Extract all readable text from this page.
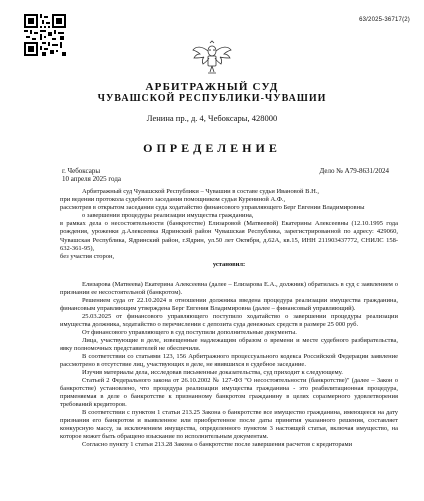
63/2025-36717(2)
АРБИТРАЖНЫЙ СУД
ЧУВАШСКОЙ РЕСПУБЛИКИ-ЧУВАШИИ
Ленина пр., д. 4, Чебоксары, 428000
ОПРЕДЕЛЕНИЕ
г. Чебоксары
10 апреля 2025 года
Дело № А79-8631/2024

Арбитражный суд Чувашской Республики – Чувашии в составе судьи Ивановой В.Н.,

при ведении протокола судебного заседания помощником судьи Курениной А.Ф.,

рассмотрев в открытом заседании суда ходатайство финансового управляющего Берг Евгении Владимировны

о завершении процедуры реализации имущества гражданина,

в рамках дела о несостоятельности (банкротстве) Елизаровой (Матвеевой) Екатерины Алексеевны (12.10.1995 года рождения, уроженки д.Алексеевка Ядринский район Чувашская Республика, зарегистрированной по адресу: 429060, Чувашская Республика, Ядринский район, г.Ядрин, ул.50 лет Октября, д.62А, кв.15, ИНН 211903437772, СНИЛС 158-632-361-95),

без участия сторон,

установил:

Елизарова (Матвеева) Екатерина Алексеевна (далее – Елизарова Е.А., должник) обратилась в суд с заявлением о признании ее несостоятельной (банкротом).

Решением суда от 22.10.2024 в отношении должника введена процедура реализации имущества гражданина, финансовым управляющим утверждена Берг Евгения Владимировна (далее – финансовый управляющий).

25.03.2025 от финансового управляющего поступило ходатайство о завершении процедуры реализации имущества должника, ходатайство о перечислении с депозита суда денежных средств в размере 25 000 руб.

От финансового управляющего в суд поступили дополнительные документы.

Лица, участвующие в деле, извещенные надлежащим образом о времени и месте судебного разбирательства, явку полномочных представителей не обеспечили.

В соответствии со статьями 123, 156 Арбитражного процессуального кодекса Российской Федерации заявление рассмотрено в отсутствие лиц, участвующих в деле, не явившихся в судебное заседание.

Изучив материалы дела, исследовав письменные доказательства, суд приходит к следующему.

Статьей 2 Федерального закона от 26.10.2002 № 127-ФЗ "О несостоятельности (банкротстве)" (далее – Закон о банкротстве) установлено, что процедура реализации имущества гражданина - это реабилитационная процедура, применяемая в деле о банкротстве к признанному банкротом гражданину в целях соразмерного удовлетворения требований кредиторов.

В соответствии с пунктом 1 статьи 213.25 Закона о банкротстве все имущество гражданина, имеющееся на дату признания его банкротом и выявленное или приобретенное после даты принятия указанного решения, составляет конкурсную массу, за исключением имущества, определенного пунктом 3 настоящей статьи, включая имущество, на которое может быть обращено взыскание по исполнительным документам.

Согласно пункту 1 статьи 213.28 Закона о банкротстве после завершения расчетов с кредиторами
